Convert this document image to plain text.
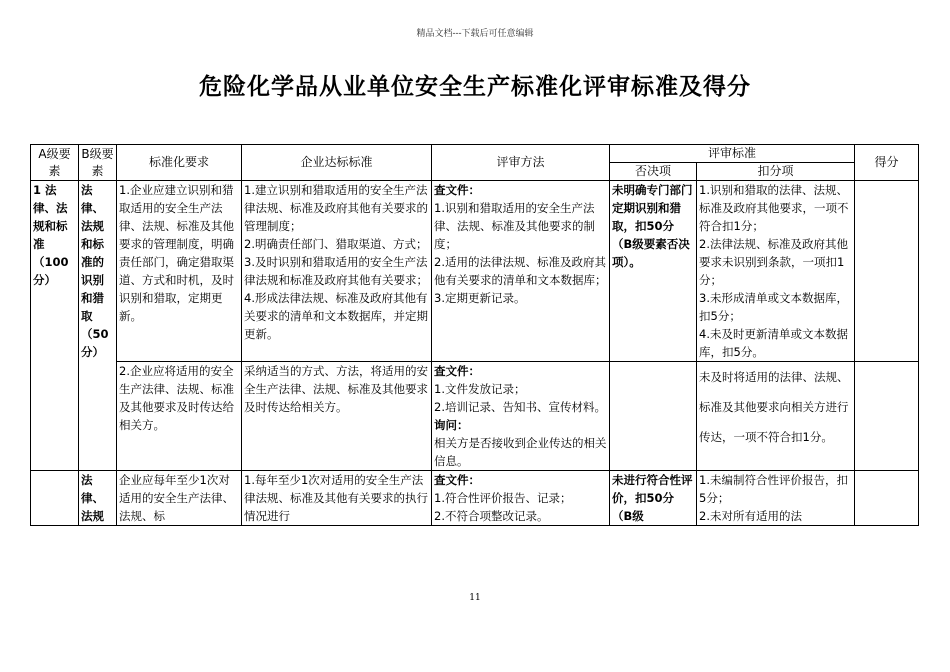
精品文档---下载后可任意编辑
危险化学品从业单位安全生产标准化评审标准及得分
A级要素	B级要素	标准化要求	企业达标标准	评审方法	评审标准		得分
					否决项	扣分项	
1 法律、法规和标准（100分）	法律、法规和标准的识别和猎取（50分）	1.企业应建立识别和猎取适用的安全生产法律、法规、标准及其他要求的管理制度，明确责任部门，确定猎取渠道、方式和时机，及时识别和猎取，定期更新。	1.建立识别和猎取适用的安全生产法律法规、标准及政府其他有关要求的管理制度；
2.明确责任部门、猎取渠道、方式；
3.及时识别和猎取适用的安全生产法律法规和标准及政府其他有关要求；
4.形成法律法规、标准及政府其他有关要求的清单和文本数据库，并定期更新。	查文件：
1.识别和猎取适用的安全生产法律、法规、标准及其他要求的制度；
2.适用的法律法规、标准及政府其他有关要求的清单和文本数据库；
3.定期更新记录。	未明确专门部门定期识别和猎取，扣50分（B级要素否决项）。	1.识别和猎取的法律、法规、标准及政府其他要求，一项不符合扣1分；
2.法律法规、标准及政府其他要求未识别到条款，一项扣1分；
3.未形成清单或文本数据库，扣5分；
4.未及时更新清单或文本数据库，扣5分。	
		2.企业应将适用的安全生产法律、法规、标准及其他要求及时传达给相关方。	采纳适当的方式、方法，将适用的安全生产法律、法规、标准及其他要求及时传达给相关方。	查文件：
1.文件发放记录；
2.培训记录、告知书、宣传材料。
询问：
相关方是否接收到企业传达的相关信息。		未及时将适用的法律、法规、标准及其他要求向相关方进行传达，一项不符合扣1分。	
	法律、法规	企业应每年至少1次对适用的安全生产法律、法规、标	1.每年至少1次对适用的安全生产法律法规、标准及其他有关要求的执行情况进行	查文件：
1.符合性评价报告、记录；
2.不符合项整改记录。	未进行符合性评价，扣50分（B级	1.未编制符合性评价报告，扣5分；
2.未对所有适用的法	
11
